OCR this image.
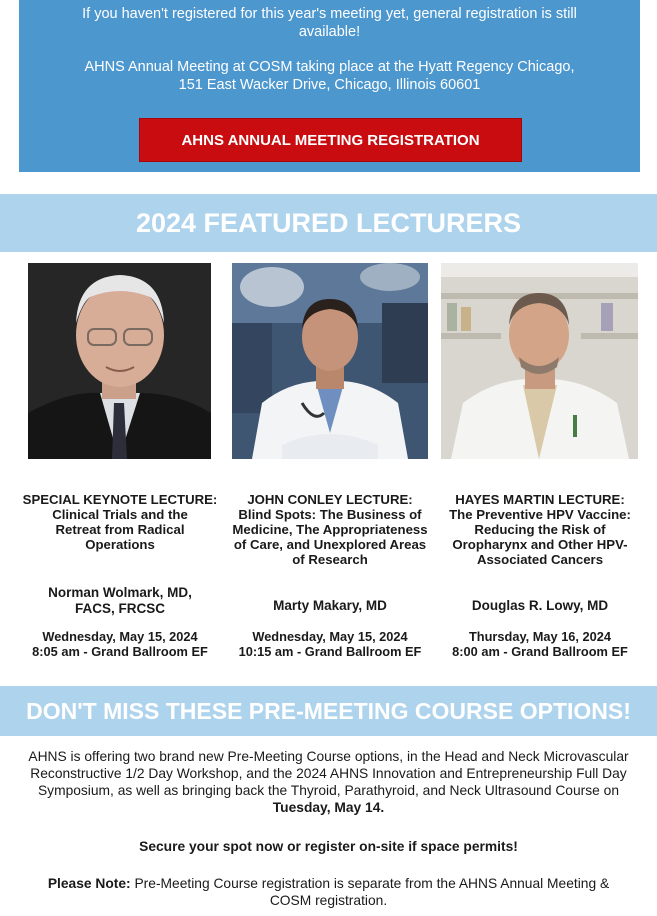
If you haven't registered for this year's meeting yet, general registration is still available!
AHNS Annual Meeting at COSM taking place at the Hyatt Regency Chicago,
151 East Wacker Drive, Chicago, Illinois 60601
AHNS ANNUAL MEETING REGISTRATION
2024 FEATURED LECTURERS
SPECIAL KEYNOTE LECTURE:
Clinical Trials and the Retreat from Radical Operations
Norman Wolmark, MD, FACS, FRCSC
Wednesday, May 15, 2024
8:05 am - Grand Ballroom EF
JOHN CONLEY LECTURE:
Blind Spots: The Business of Medicine, The Appropriateness of Care, and Unexplored Areas of Research
Marty Makary, MD
Wednesday, May 15, 2024
10:15 am - Grand Ballroom EF
HAYES MARTIN LECTURE:
The Preventive HPV Vaccine: Reducing the Risk of Oropharynx and Other HPV-Associated Cancers
Douglas R. Lowy, MD
Thursday, May 16, 2024
8:00 am - Grand Ballroom EF
DON'T MISS THESE PRE-MEETING COURSE OPTIONS!
AHNS is offering two brand new Pre-Meeting Course options, in the Head and Neck Microvascular Reconstructive 1/2 Day Workshop, and the 2024 AHNS Innovation and Entrepreneurship Full Day Symposium, as well as bringing back the Thyroid, Parathyroid, and Neck Ultrasound Course on Tuesday, May 14.
Secure your spot now or register on-site if space permits!
Please Note: Pre-Meeting Course registration is separate from the AHNS Annual Meeting & COSM registration.
